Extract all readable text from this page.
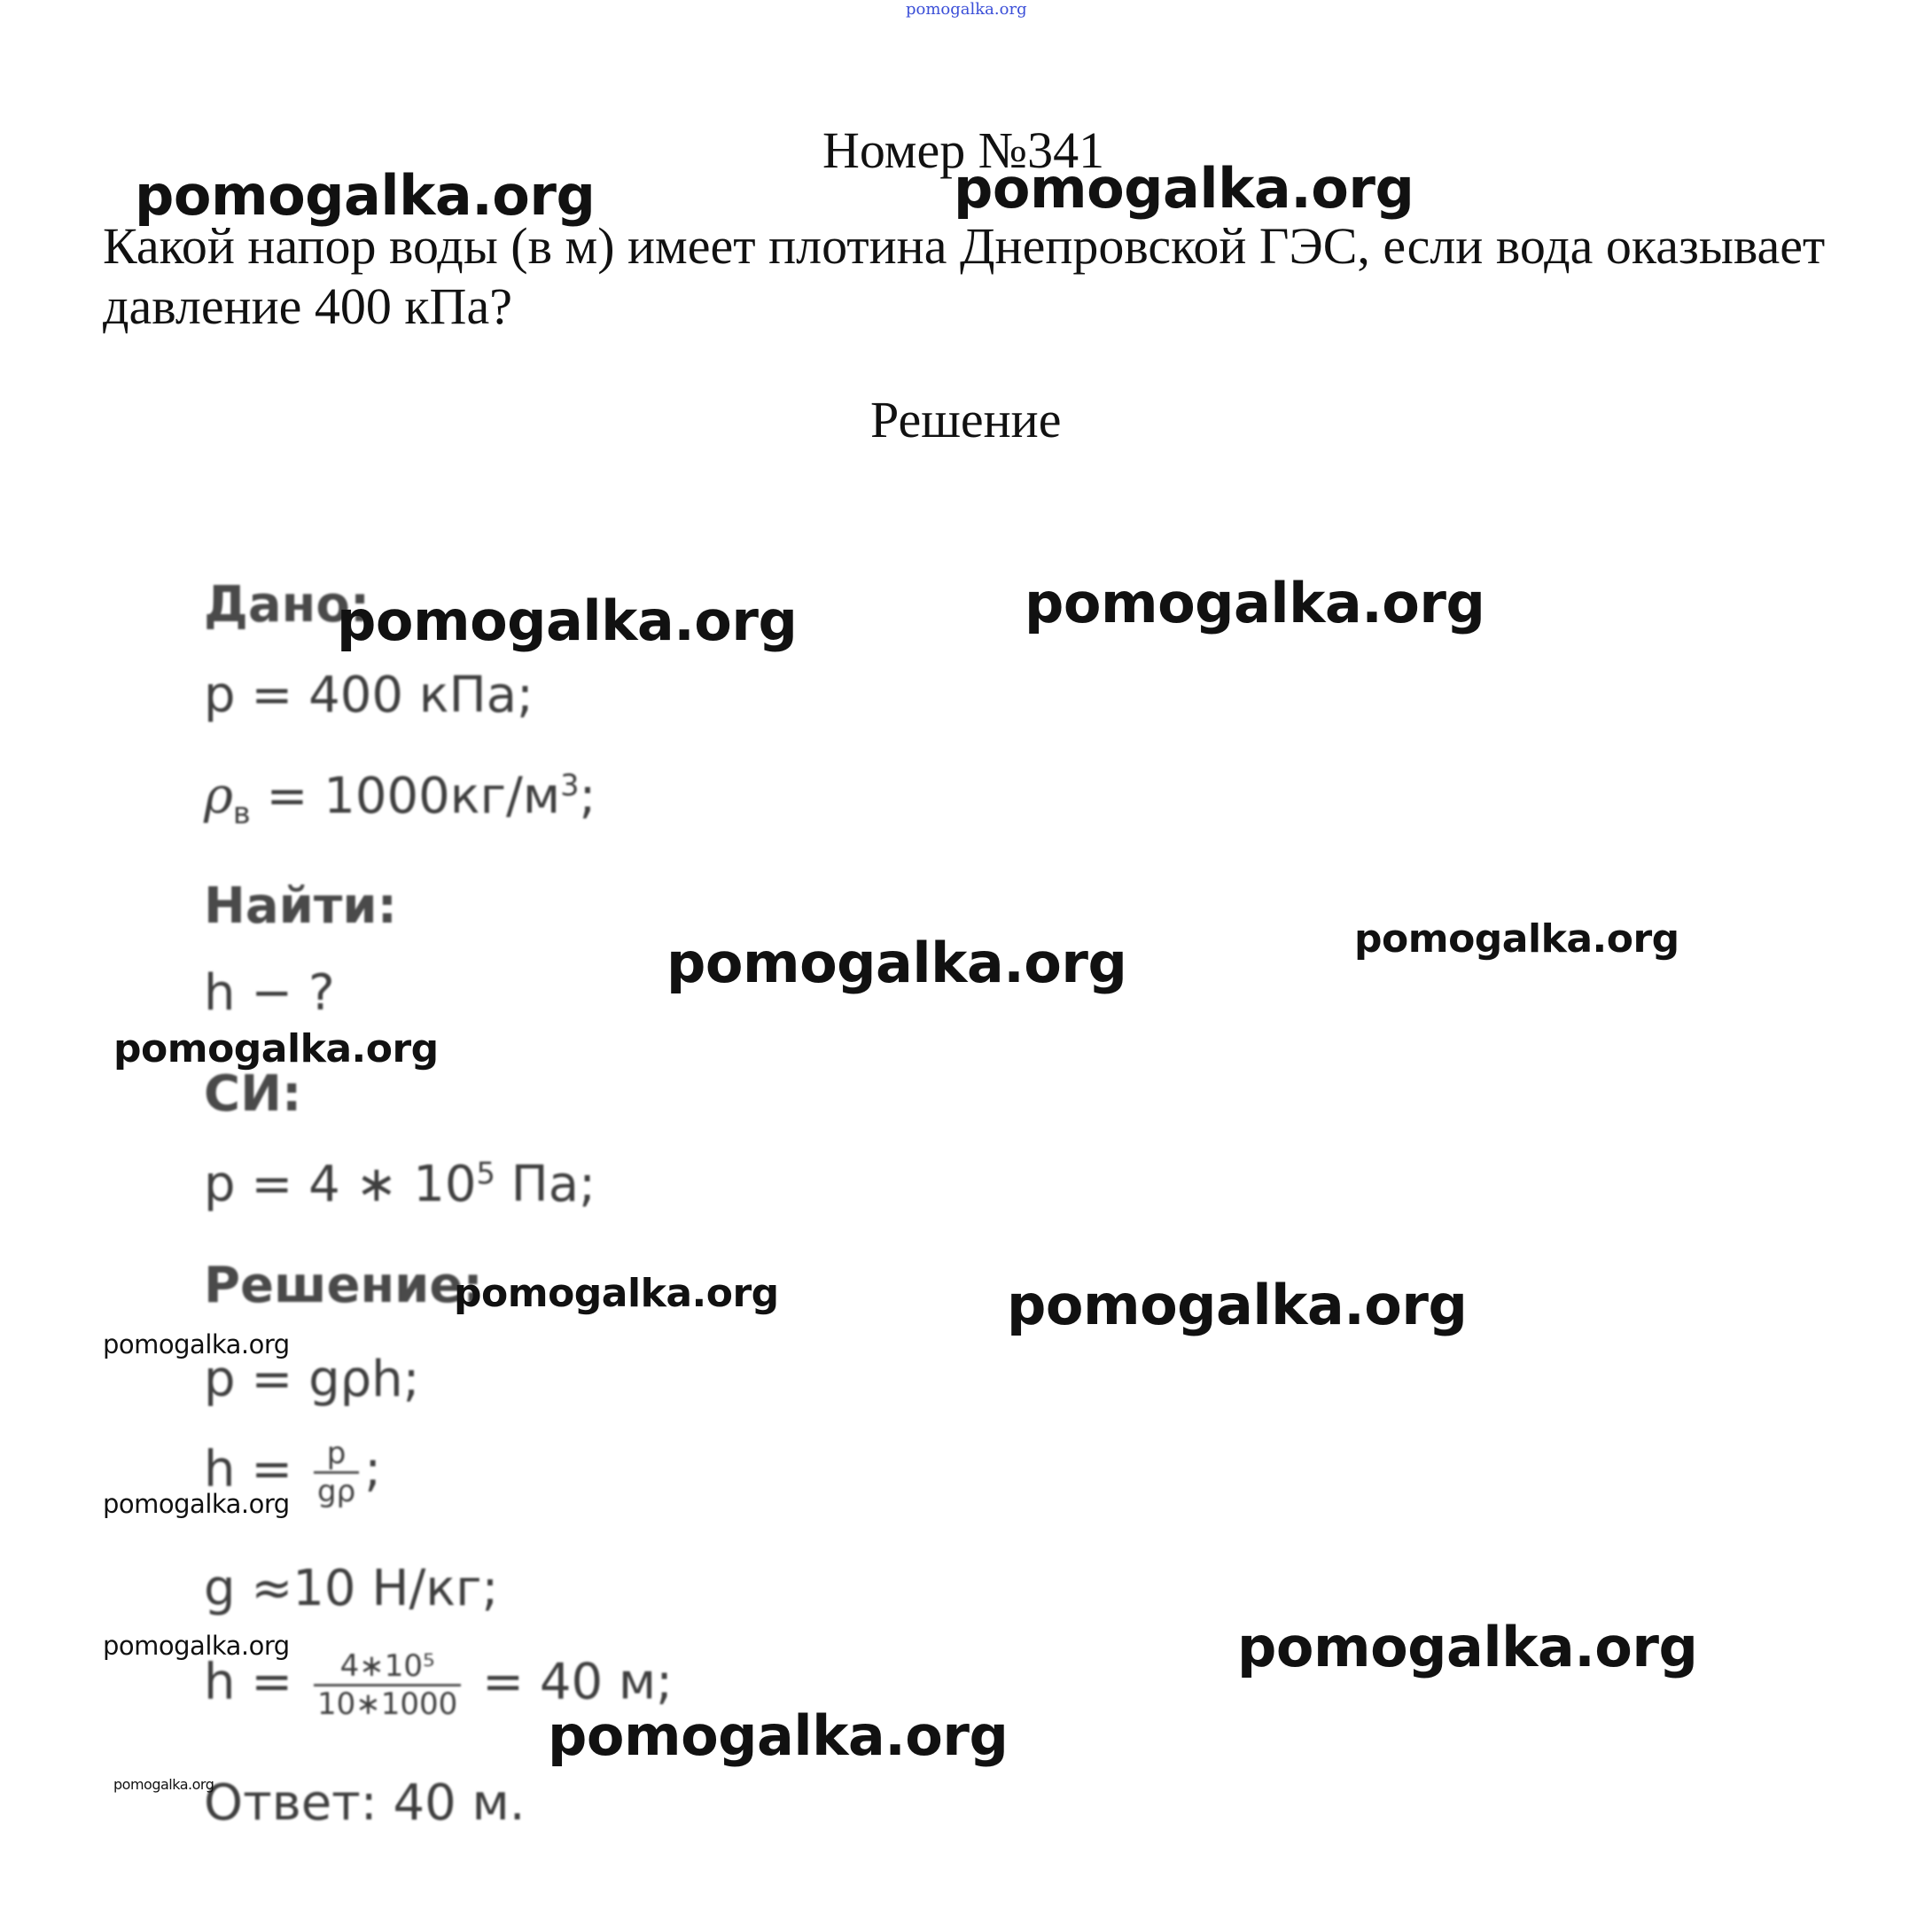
pomogalka.org
Номер №341
Какой напор воды (в м) имеет плотина Днепровской ГЭС, если вода оказывает давление 400 кПа?
Решение
Дано:
p = 400 кПа;
$\rho_в = 1000кг/м^3$;
Найти:
h − ?
СИ:
p = 4 ∗ $10^5$ Па;
Решение:
p = gρh;
$h = \frac{p}{g\rho}$ ;
g ≈10 Н/кг;
$h = \frac{\text{4∗10⁵}}{10∗1000} = 40$ м;
Ответ: 40 м.
pomogalka.org	pomogalka.org
pomogalka.org	pomogalka.org
pomogalka.org	pomogalka.org
pomogalka.org
pomogalka.org	pomogalka.org
pomogalka.org
pomogalka.org
pomogalka.org	pomogalka.org
pomogalka.org
pomogalka.org
